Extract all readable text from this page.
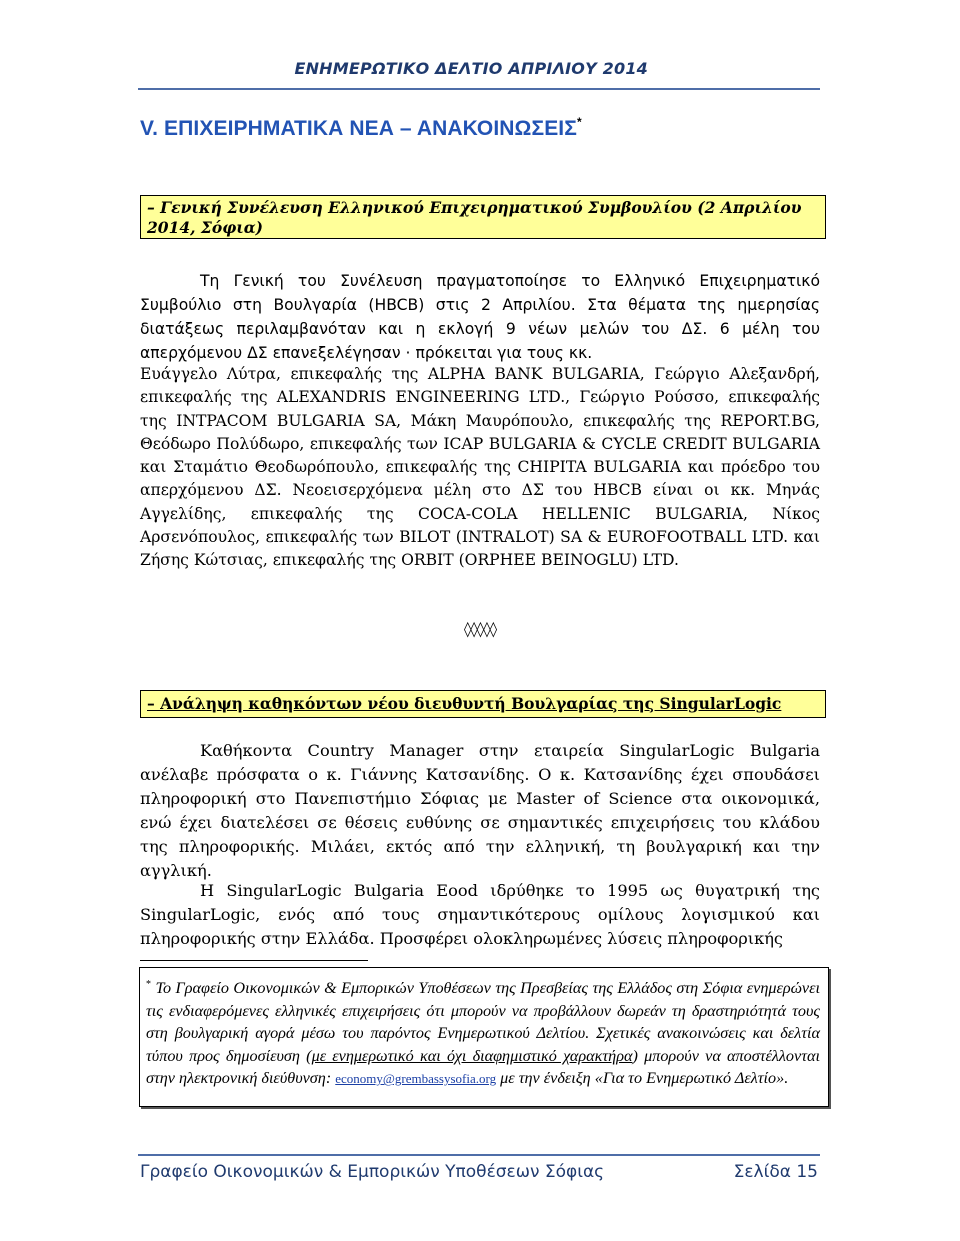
ΕΝΗΜΕΡΩΤΙΚΟ ΔΕΛΤΙΟ ΑΠΡΙΛΙΟΥ 2014
V. ΕΠΙΧΕΙΡΗΜΑΤΙΚΑ ΝΕΑ – ΑΝΑΚΟΙΝΩΣΕΙΣ*
– Γενική Συνέλευση Ελληνικού Επιχειρηματικού Συμβουλίου (2 Απριλίου 2014, Σόφια)
Τη Γενική του Συνέλευση πραγματοποίησε το Ελληνικό Επιχειρηματικό Συμβούλιο στη Βουλγαρία (HBCB) στις 2 Απριλίου. Στα θέματα της ημερησίας διατάξεως περιλαμβανόταν και η εκλογή 9 νέων μελών του ΔΣ. 6 μέλη του απερχόμενου ΔΣ επανεξελέγησαν · πρόκειται για τους κκ.
Ευάγγελο Λύτρα, επικεφαλής της ALPHA BANK BULGARIA, Γεώργιο Αλεξανδρή, επικεφαλής της ALEXANDRIS ENGINEERING LTD., Γεώργιο Ρούσσο, επικεφαλής της INTPACOM BULGARIA SA, Μάκη Μαυρόπουλο, επικεφαλής της REPORT.BG, Θεόδωρο Πολύδωρο, επικεφαλής των ICAP BULGARIA & CYCLE CREDIT BULGARIA και Σταμάτιο Θεοδωρόπουλο, επικεφαλής της CHIPITA BULGARIA και πρόεδρο του απερχόμενου ΔΣ. Νεοεισερχόμενα μέλη στο ΔΣ του HBCB είναι οι κκ. Μηνάς Αγγελίδης, επικεφαλής της COCA-COLA HELLENIC BULGARIA, Νίκος Αρσενόπουλος, επικεφαλής των BILOT (INTRALOT) SA & EUROFOOTBALL LTD. και Ζήσης Κώτσιας, επικεφαλής της ORBIT (ORPHEE BEINOGLU) LTD.
◊◊◊◊◊
– Ανάληψη καθηκόντων νέου διευθυντή Βουλγαρίας της SingularLogic
Καθήκοντα Country Manager στην εταιρεία SingularLogic Bulgaria ανέλαβε πρόσφατα ο κ. Γιάννης Κατσανίδης. Ο κ. Κατσανίδης έχει σπουδάσει πληροφορική στο Πανεπιστήμιο Σόφιας με Master of Science στα οικονομικά, ενώ έχει διατελέσει σε θέσεις ευθύνης σε σημαντικές επιχειρήσεις του κλάδου της πληροφορικής. Μιλάει, εκτός από την ελληνική, τη βουλγαρική και την αγγλική.
Η SingularLogic Bulgaria Eood ιδρύθηκε το 1995 ως θυγατρική της SingularLogic, ενός από τους σημαντικότερους ομίλους λογισμικού και πληροφορικής στην Ελλάδα. Προσφέρει ολοκληρωμένες λύσεις πληροφορικής
* Το Γραφείο Οικονομικών & Εμπορικών Υποθέσεων της Πρεσβείας της Ελλάδος στη Σόφια ενημερώνει τις ενδιαφερόμενες ελληνικές επιχειρήσεις ότι μπορούν να προβάλλουν δωρεάν τη δραστηριότητά τους στη βουλγαρική αγορά μέσω του παρόντος Ενημερωτικού Δελτίου. Σχετικές ανακοινώσεις και δελτία τύπου προς δημοσίευση (με ενημερωτικό και όχι διαφημιστικό χαρακτήρα) μπορούν να αποστέλλονται στην ηλεκτρονική διεύθυνση: economy@grembassysofia.org με την ένδειξη «Για το Ενημερωτικό Δελτίο».
Γραφείο Οικονομικών & Εμπορικών Υποθέσεων Σόφιας	Σελίδα 15
